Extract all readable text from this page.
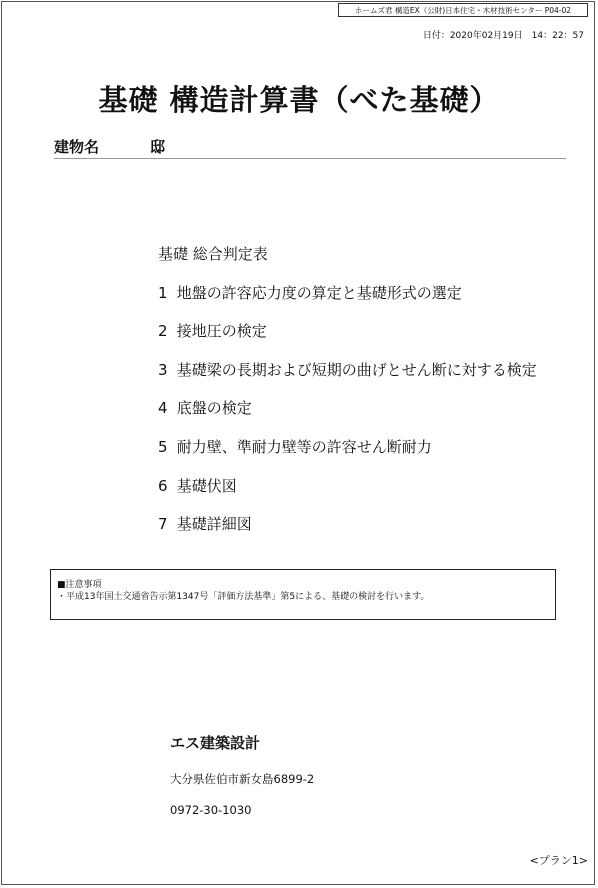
ホームズ君 構造EX（公財)日本住宅・木材技術センター P04-02
日付：2020年02月19日　14：22：57
基礎 構造計算書（べた基礎）
建物名	邸
基礎 総合判定表
1 地盤の許容応力度の算定と基礎形式の選定
2 接地圧の検定
3 基礎梁の長期および短期の曲げとせん断に対する検定
4 底盤の検定
5 耐力壁、準耐力壁等の許容せん断耐力
6 基礎伏図
7 基礎詳細図
■注意事項
・平成13年国土交通省告示第1347号「評価方法基準」第5による、基礎の検討を行います。
エス建築設計
大分県佐伯市新女島6899-2
0972-30-1030
<プラン1>
